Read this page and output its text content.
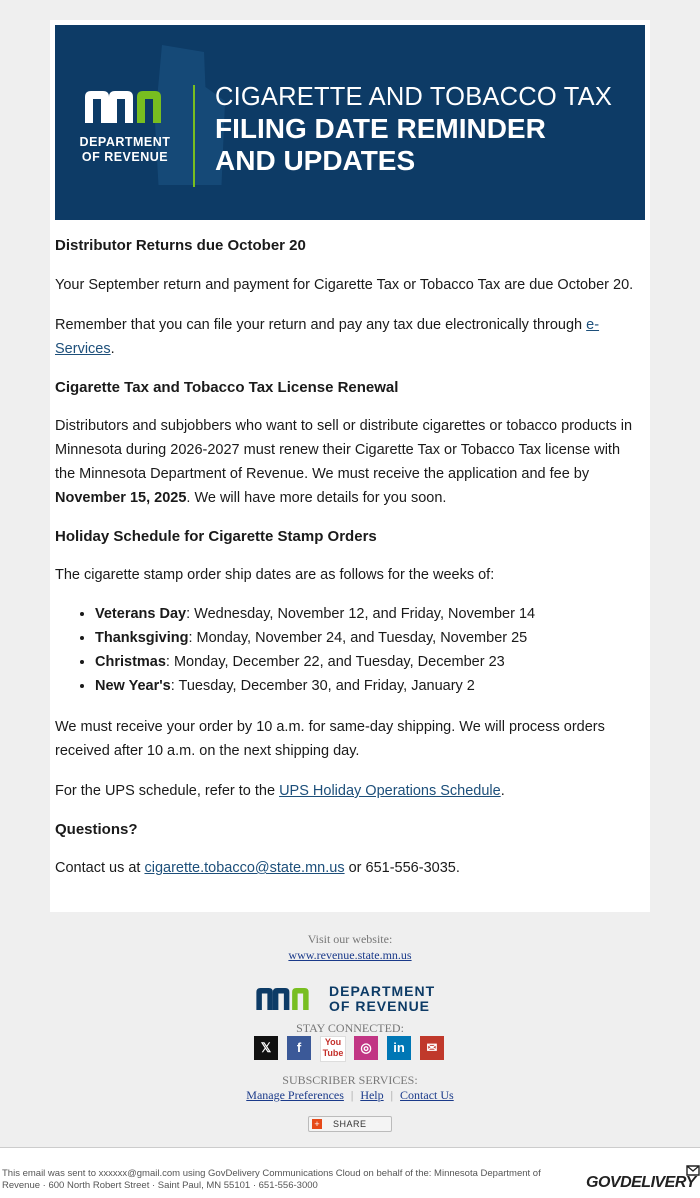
DEPARTMENT
OF REVENUE
CIGARETTE AND TOBACCO TAX
FILING DATE REMINDER
AND UPDATES
Distributor Returns due October 20

Your September return and payment for Cigarette Tax or Tobacco Tax are due October 20.

Remember that you can file your return and pay any tax due electronically through e-
Services.

Cigarette Tax and Tobacco Tax License Renewal

Distributors and subjobbers who want to sell or distribute cigarettes or tobacco products in
Minnesota during 2026-2027 must renew their Cigarette Tax or Tobacco Tax license with
the Minnesota Department of Revenue. We must receive the application and fee by
November 15, 2025. We will have more details for you soon.

Holiday Schedule for Cigarette Stamp Orders

The cigarette stamp order ship dates are as follows for the weeks of:

• Veterans Day: Wednesday, November 12, and Friday, November 14
• Thanksgiving: Monday, November 24, and Tuesday, November 25
• Christmas: Monday, December 22, and Tuesday, December 23
• New Year's: Tuesday, December 30, and Friday, January 2

We must receive your order by 10 a.m. for same-day shipping. We will process orders
received after 10 a.m. on the next shipping day.

For the UPS schedule, refer to the UPS Holiday Operations Schedule.

Questions?

Contact us at cigarette.tobacco@state.mn.us or 651-556-3035.

Visit our website:
www.revenue.state.mn.us
DEPARTMENT
OF REVENUE
STAY CONNECTED:
𝕏	f	You
Tube	◎	in	✉
SUBSCRIBER SERVICES:
Manage Preferences | Help | Contact Us
+ SHARE
This email was sent to xxxxxx@gmail.com using GovDelivery Communications Cloud on behalf of the: Minnesota Department of
Revenue · 600 North Robert Street · Saint Paul, MN 55101 · 651-556-3000	GOVDELIVERY
